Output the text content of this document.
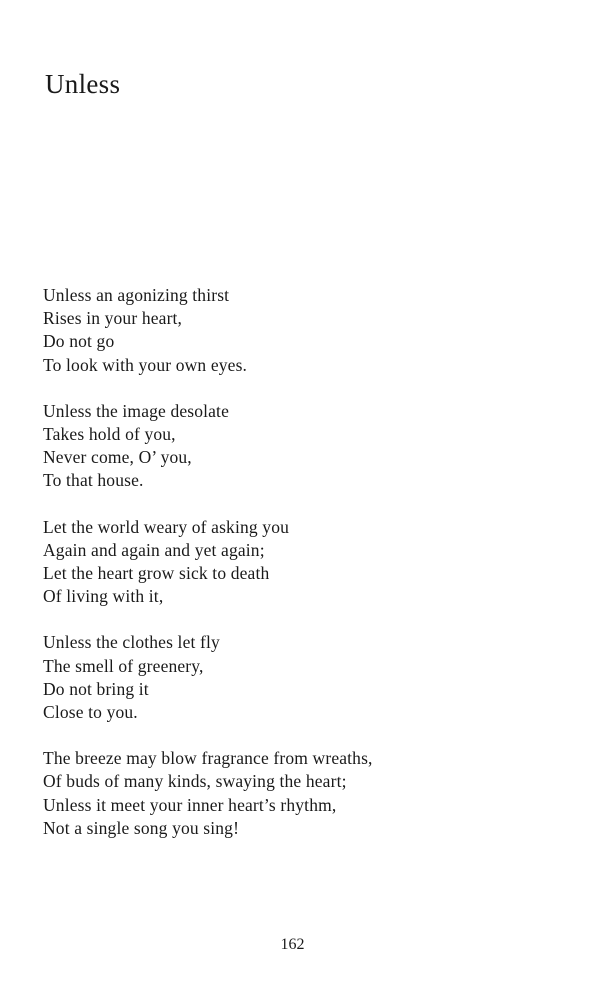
Unless
Unless an agonizing thirst
Rises in your heart,
Do not go
To look with your own eyes.
Unless the image desolate
Takes hold of you,
Never come, O’ you,
To that house.
Let the world weary of asking you
Again and again and yet again;
Let the heart grow sick to death
Of living with it,
Unless the clothes let fly
The smell of greenery,
Do not bring it
Close to you.
The breeze may blow fragrance from wreaths,
Of buds of many kinds, swaying the heart;
Unless it meet your inner heart’s rhythm,
Not a single song you sing!
162
